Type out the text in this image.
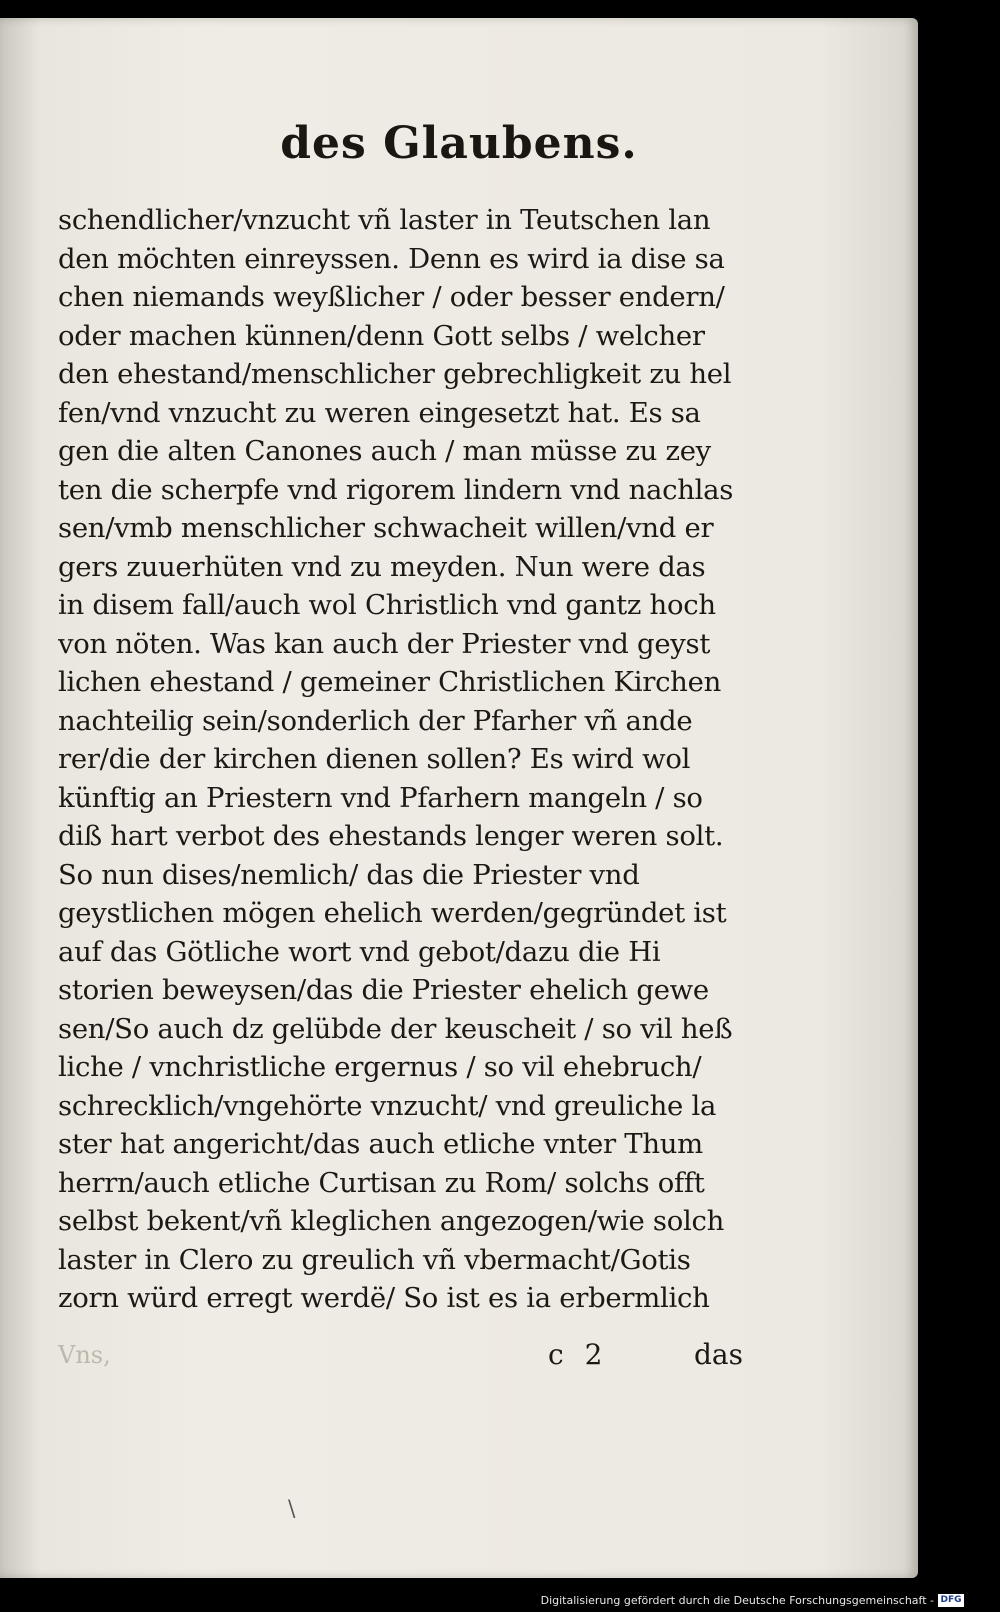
des Glaubens.
schendlicher/vnzucht vñ laster in Teutschen lan
den möchten einreyssen. Denn es wird ia dise sa
chen niemands weyßlicher / oder besser endern/
oder machen künnen/denn Gott selbs / welcher
den ehestand/menschlicher gebrechligkeit zu hel
fen/vnd vnzucht zu weren eingesetzt hat. Es sa
gen die alten Canones auch / man müsse zu zey
ten die scherpfe vnd rigorem lindern vnd nachlas
sen/vmb menschlicher schwacheit willen/vnd er
gers zuuerhüten vnd zu meyden. Nun were das
in disem fall/auch wol Christlich vnd gantz hoch
von nöten. Was kan auch der Priester vnd geyst
lichen ehestand / gemeiner Christlichen Kirchen
nachteilig sein/sonderlich der Pfarher vñ ande
rer/die der kirchen dienen sollen? Es wird wol
künftig an Priestern vnd Pfarhern mangeln / so
diß hart verbot des ehestands lenger weren solt.
So nun dises/nemlich/ das die Priester vnd
geystlichen mögen ehelich werden/gegründet ist
auf das Götliche wort vnd gebot/dazu die Hi
storien beweysen/das die Priester ehelich gewe
sen/So auch dz gelübde der keuscheit / so vil heß
liche / vnchristliche ergernus / so vil ehebruch/
schrecklich/vngehörte vnzucht/ vnd greuliche la
ster hat angericht/das auch etliche vnter Thum
herrn/auch etliche Curtisan zu Rom/ solchs offt
selbst bekent/vñ kleglichen angezogen/wie solch
laster in Clero zu greulich vñ vbermacht/Gotis
zorn würd erregt werdë/ So ist es ia erbermlich
Vns,	c 2	das
\
Digitalisierung gefördert durch die Deutsche Forschungsgemeinschaft - DFG
